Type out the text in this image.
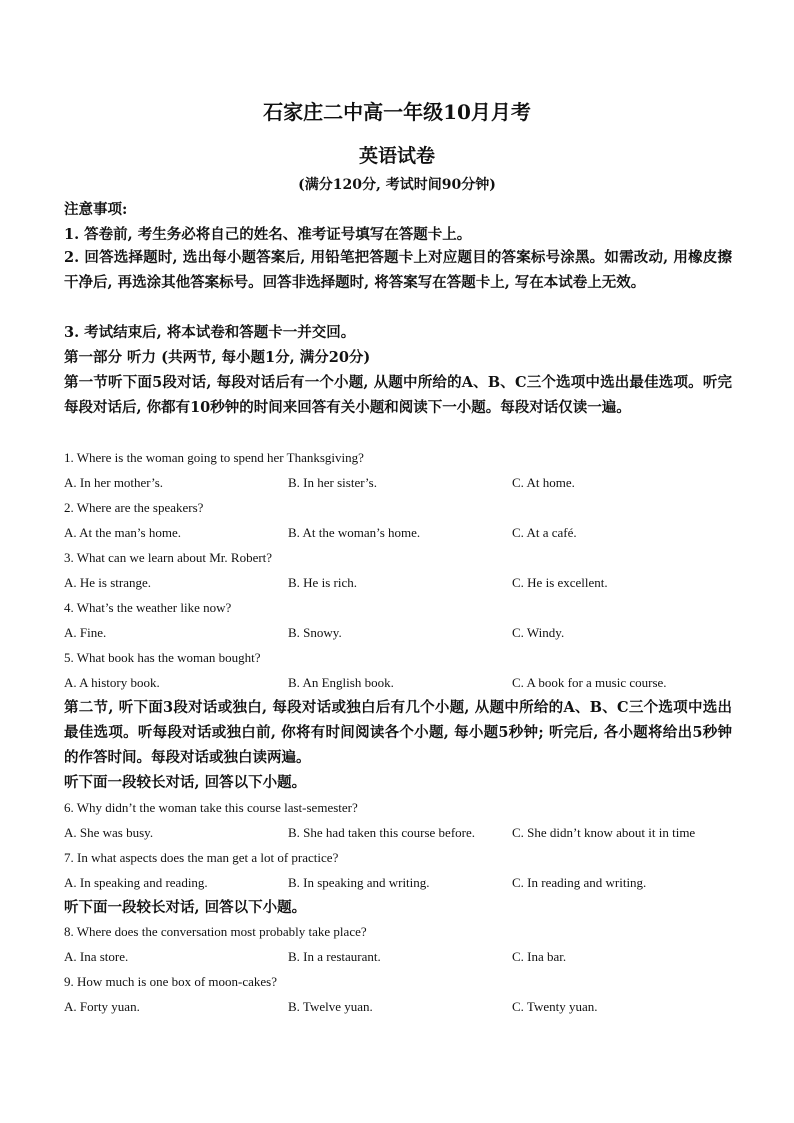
石家庄二中高一年级10月月考
英语试卷
(满分120分, 考试时间90分钟)
注意事项:
1. 答卷前, 考生务必将自己的姓名、准考证号填写在答题卡上。
2. 回答选择题时, 选出每小题答案后, 用铅笔把答题卡上对应题目的答案标号涂黑。如需改动, 用橡皮擦干净后, 再选涂其他答案标号。回答非选择题时, 将答案写在答题卡上, 写在本试卷上无效。
3. 考试结束后, 将本试卷和答题卡一并交回。
第一部分 听力 (共两节, 每小题1分, 满分20分)
第一节听下面5段对话, 每段对话后有一个小题, 从题中所给的A、B、C三个选项中选出最佳选项。听完每段对话后, 你都有10秒钟的时间来回答有关小题和阅读下一小题。每段对话仅读一遍。
1. Where is the woman going to spend her Thanksgiving?
A. In her mother’s.	B. In her sister’s.	C. At home.
2. Where are the speakers?
A. At the man’s home.	B. At the woman’s home.	C. At a café.
3. What can we learn about Mr. Robert?
A. He is strange.	B. He is rich.	C. He is excellent.
4. What’s the weather like now?
A. Fine.	B. Snowy.	C. Windy.
5. What book has the woman bought?
A. A history book.	B. An English book.	C. A book for a music course.
第二节, 听下面3段对话或独白, 每段对话或独白后有几个小题, 从题中所给的A、B、C三个选项中选出最佳选项。听每段对话或独白前, 你将有时间阅读各个小题, 每小题5秒钟; 听完后, 各小题将给出5秒钟的作答时间。每段对话或独白读两遍。
听下面一段较长对话, 回答以下小题。
6. Why didn’t the woman take this course last-semester?
A. She was busy.	B. She had taken this course before.	C. She didn’t know about it in time
7. In what aspects does the man get a lot of practice?
A. In speaking and reading.	B. In speaking and writing.	C. In reading and writing.
听下面一段较长对话, 回答以下小题。
8. Where does the conversation most probably take place?
A. Ina store.	B. In a restaurant.	C. Ina bar.
9. How much is one box of moon-cakes?
A. Forty yuan.	B. Twelve yuan.	C. Twenty yuan.
